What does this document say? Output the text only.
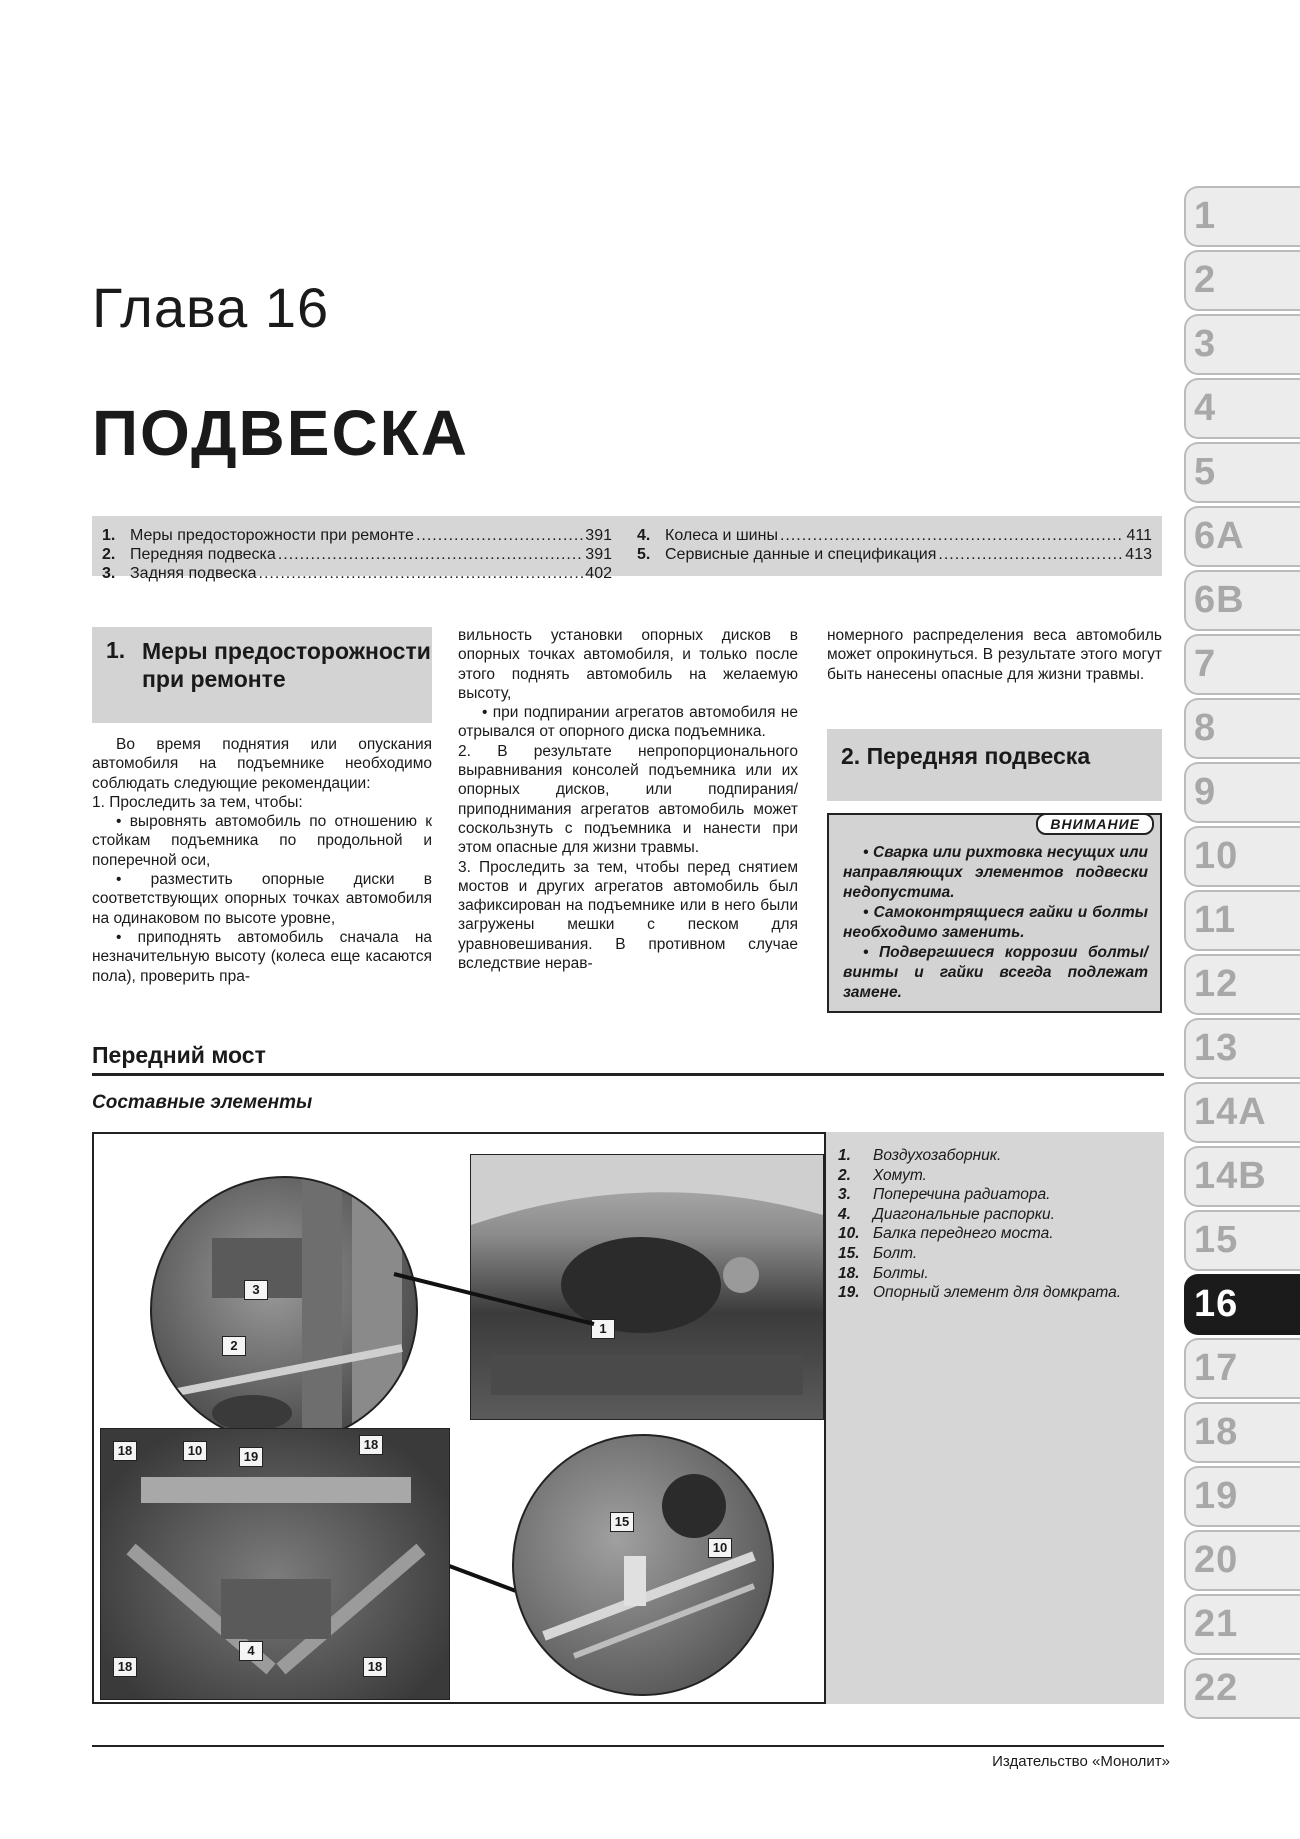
Глава 16
ПОДВЕСКА
1. Меры предосторожности при ремонте .....	391
2. Передняя подвеска .....	391
3. Задняя подвеска .....	402
4. Колеса и шины .....	411
5. Сервисные данные и спецификация .....	413
1. Меры предосторожности при ремонте

Во время поднятия или опускания автомобиля на подъемнике необходимо соблюдать следующие рекомендации:

1. Проследить за тем, чтобы:

• выровнять автомобиль по отношению к стойкам подъемника по продольной и поперечной оси,

• разместить опорные диски в соответствующих опорных точках автомобиля на одинаковом по высоте уровне,

• приподнять автомобиль сначала на незначительную высоту (колеса еще касаются пола), проверить пра-

вильность установки опорных дисков в опорных точках автомобиля, и только после этого поднять автомобиль на желаемую высоту,

• при подпирании агрегатов автомобиля не отрывался от опорного диска подъемника.

2. В результате непропорционального выравнивания консолей подъемника или их опорных дисков, или подпирания/приподнимания агрегатов автомобиль может соскользнуть с подъемника и нанести при этом опасные для жизни травмы.

3. Проследить за тем, чтобы перед снятием мостов и других агрегатов автомобиль был зафиксирован на подъемнике или в него были загружены мешки с песком для уравновешивания. В противном случае вследствие нерав-

номерного распределения веса автомобиль может опрокинуться. В результате этого могут быть нанесены опасные для жизни травмы.

2. Передняя подвеска
ВНИМАНИЕ

• Сварка или рихтовка несущих или направляющих элементов подвески недопустима.

• Самоконтрящиеся гайки и болты необходимо заменить.

• Подвергшиеся коррозии болты/винты и гайки всегда подлежат замене.

Передний мост
Составные элементы
3
2
1
18	10	19
18
18
4
18
15
10
1.	Воздухозаборник.
2.	Хомут.
3.	Поперечина радиатора.
4.	Диагональные распорки.
10. Балка переднего моста.
15. Болт.
18. Болты.
19. Опорный элемент для домкрата.
1
2
3
4
5
6A
6B
7
8
9
10
11
12
13
14A
14B
15
16
17
18
19
20
21
22
Издательство «Монолит»
